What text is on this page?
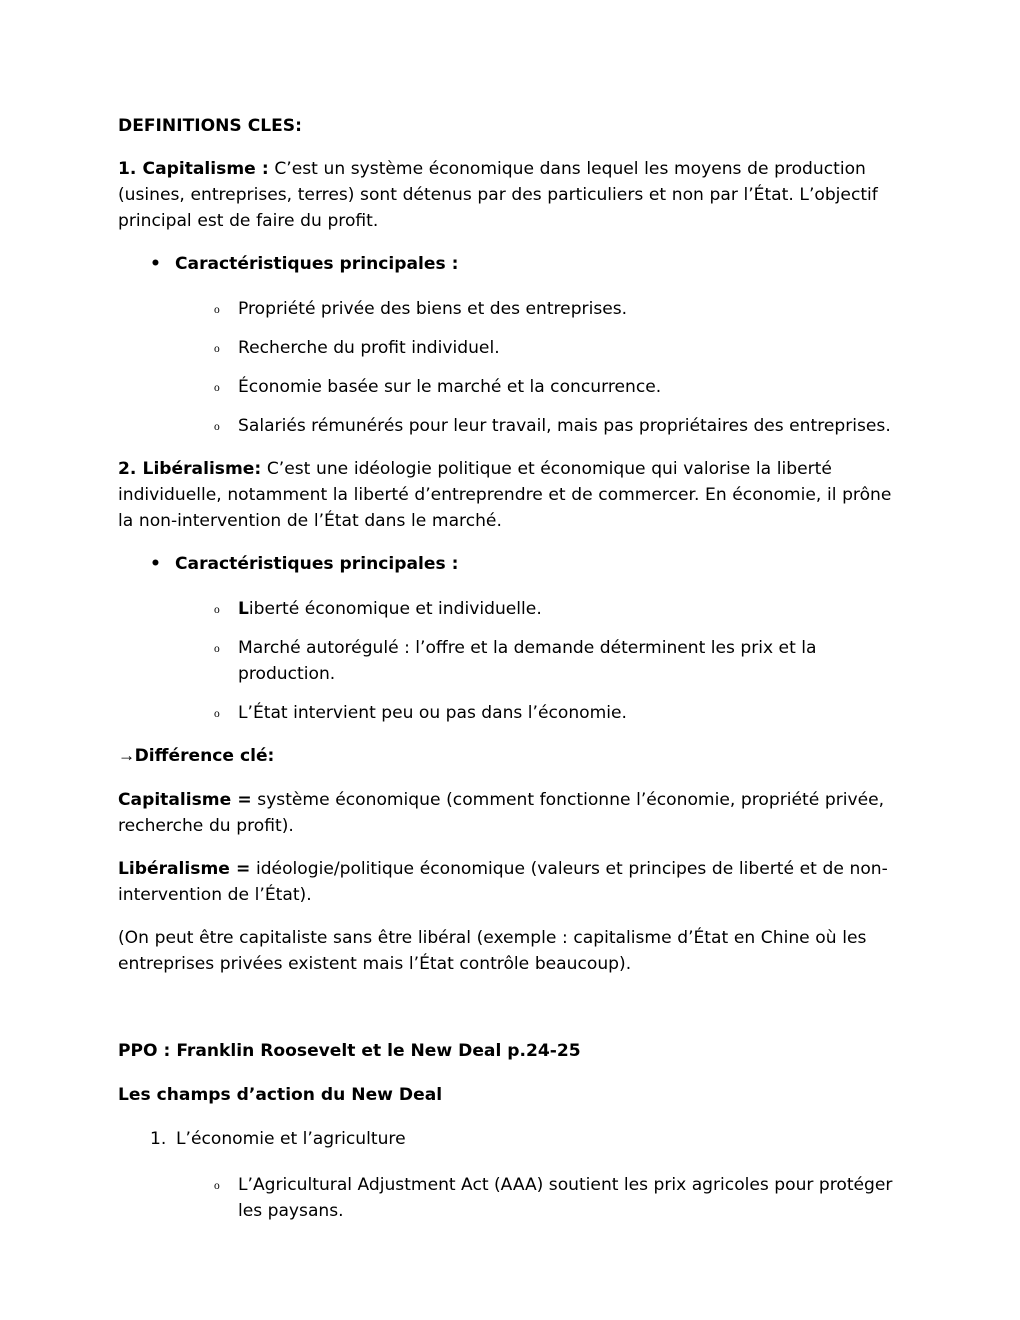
DEFINITIONS CLES:

1. Capitalisme : C’est un système économique dans lequel les moyens de production (usines, entreprises, terres) sont détenus par des particuliers et non par l’État. L’objectif principal est de faire du profit.

• Caractéristiques principales :

o Propriété privée des biens et des entreprises.

o Recherche du profit individuel.

o Économie basée sur le marché et la concurrence.

o Salariés rémunérés pour leur travail, mais pas propriétaires des entreprises.

2. Libéralisme: C’est une idéologie politique et économique qui valorise la liberté individuelle, notamment la liberté d’entreprendre et de commercer. En économie, il prône la non-intervention de l’État dans le marché.

• Caractéristiques principales :

o Liberté économique et individuelle.

o Marché autorégulé : l’offre et la demande déterminent les prix et la production.

o L’État intervient peu ou pas dans l’économie.

→Différence clé:

Capitalisme = système économique (comment fonctionne l’économie, propriété privée, recherche du profit).

Libéralisme = idéologie/politique économique (valeurs et principes de liberté et de non-intervention de l’État).

(On peut être capitaliste sans être libéral (exemple : capitalisme d’État en Chine où les entreprises privées existent mais l’État contrôle beaucoup).

PPO : Franklin Roosevelt et le New Deal p.24-25

Les champs d’action du New Deal

1. L’économie et l’agriculture

o L’Agricultural Adjustment Act (AAA) soutient les prix agricoles pour protéger les paysans.
